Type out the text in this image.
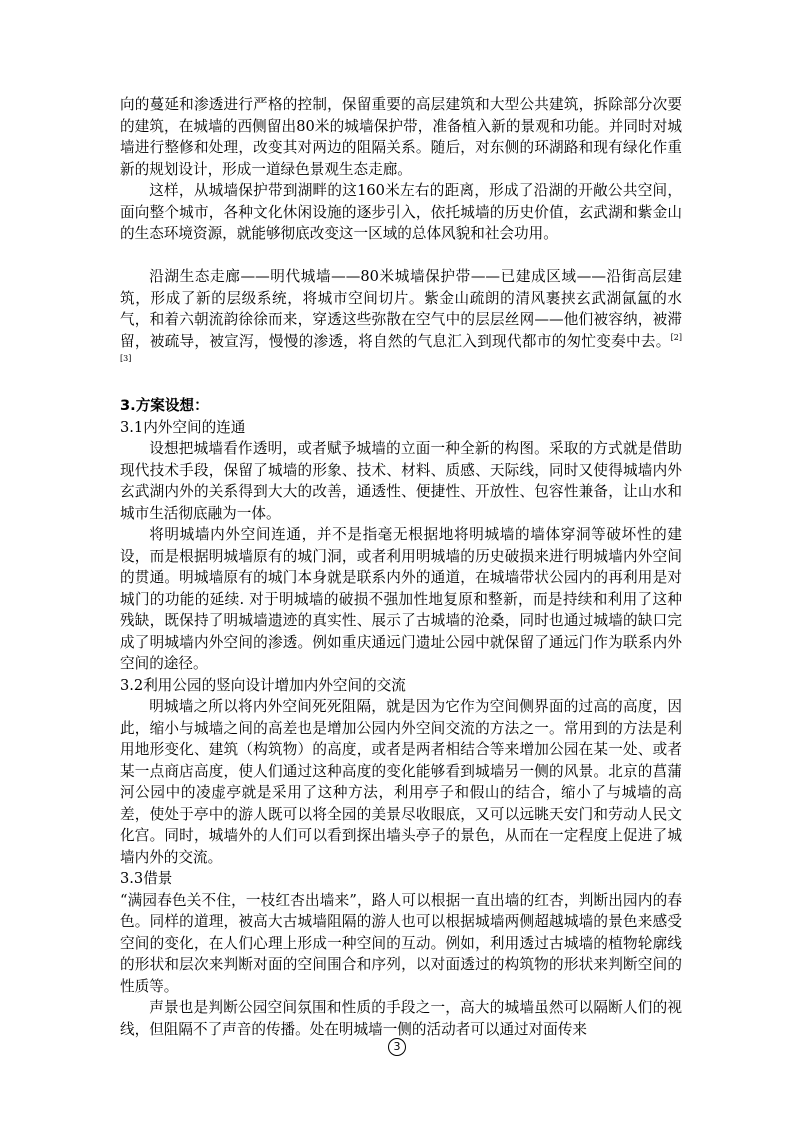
向的蔓延和渗透进行严格的控制，保留重要的高层建筑和大型公共建筑，拆除部分次要的建筑，在城墙的西侧留出80米的城墙保护带，准备植入新的景观和功能。并同时对城墙进行整修和处理，改变其对两边的阻隔关系。随后，对东侧的环湖路和现有绿化作重新的规划设计，形成一道绿色景观生态走廊。

这样，从城墙保护带到湖畔的这160米左右的距离，形成了沿湖的开敞公共空间，面向整个城市，各种文化休闲设施的逐步引入，依托城墙的历史价值，玄武湖和紫金山的生态环境资源，就能够彻底改变这一区域的总体风貌和社会功用。

沿湖生态走廊——明代城墙——80米城墙保护带——已建成区域——沿街高层建筑，形成了新的层级系统，将城市空间切片。紫金山疏朗的清风裹挟玄武湖氤氲的水气，和着六朝流韵徐徐而来，穿透这些弥散在空气中的层层丝网——他们被容纳，被滞留，被疏导，被宣泻，慢慢的渗透，将自然的气息汇入到现代都市的匆忙变奏中去。[2][3]

3.方案设想：

3.1内外空间的连通

设想把城墙看作透明，或者赋予城墙的立面一种全新的构图。采取的方式就是借助现代技术手段，保留了城墙的形象、技术、材料、质感、天际线，同时又使得城墙内外玄武湖内外的关系得到大大的改善，通透性、便捷性、开放性、包容性兼备，让山水和城市生活彻底融为一体。

将明城墙内外空间连通，并不是指毫无根据地将明城墙的墙体穿洞等破坏性的建设，而是根据明城墙原有的城门洞，或者利用明城墙的历史破损来进行明城墙内外空间的贯通。明城墙原有的城门本身就是联系内外的通道，在城墙带状公园内的再利用是对城门的功能的延续. 对于明城墙的破损不强加性地复原和整新，而是持续和利用了这种残缺，既保持了明城墙遗迹的真实性、展示了古城墙的沧桑，同时也通过城墙的缺口完成了明城墙内外空间的渗透。例如重庆通远门遗址公园中就保留了通远门作为联系内外空间的途径。

3.2利用公园的竖向设计增加内外空间的交流

明城墙之所以将内外空间死死阻隔，就是因为它作为空间侧界面的过高的高度，因此，缩小与城墙之间的高差也是增加公园内外空间交流的方法之一。常用到的方法是利用地形变化、建筑（构筑物）的高度，或者是两者相结合等来增加公园在某一处、或者某一点商店高度，使人们通过这种高度的变化能够看到城墙另一侧的风景。北京的菖蒲河公园中的凌虚亭就是采用了这种方法，利用亭子和假山的结合，缩小了与城墙的高差，使处于亭中的游人既可以将全园的美景尽收眼底，又可以远眺天安门和劳动人民文化宫。同时，城墙外的人们可以看到探出墙头亭子的景色，从而在一定程度上促进了城墙内外的交流。

3.3借景

“满园春色关不住，一枝红杏出墙来”，路人可以根据一直出墙的红杏，判断出园内的春色。同样的道理，被高大古城墙阻隔的游人也可以根据城墙两侧超越城墙的景色来感受空间的变化，在人们心理上形成一种空间的互动。例如，利用透过古城墙的植物轮廓线的形状和层次来判断对面的空间围合和序列，以对面透过的构筑物的形状来判断空间的性质等。

声景也是判断公园空间氛围和性质的手段之一，高大的城墙虽然可以隔断人们的视线，但阻隔不了声音的传播。处在明城墙一侧的活动者可以通过对面传来

3
